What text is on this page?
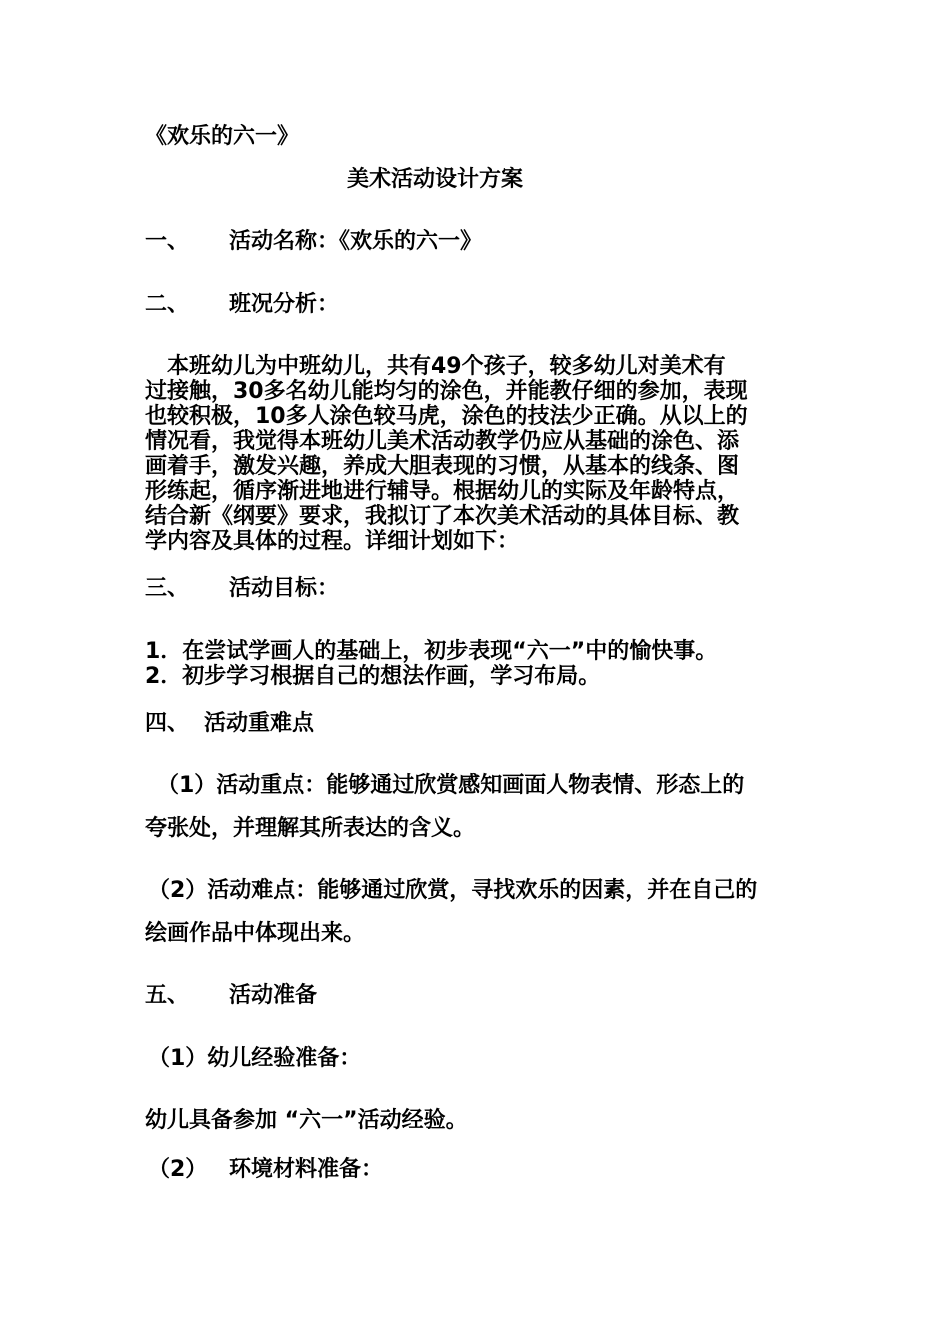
《欢乐的六一》
美术活动设计方案
一、 活动名称：《欢乐的六一》
二、 班况分析：

　本班幼儿为中班幼儿，共有49个孩子，较多幼儿对美术有

过接触，30多名幼儿能均匀的涂色，并能教仔细的参加，表现

也较积极，10多人涂色较马虎，涂色的技法少正确。从以上的

情况看，我觉得本班幼儿美术活动教学仍应从基础的涂色、添

画着手，激发兴趣，养成大胆表现的习惯，从基本的线条、图

形练起，循序渐进地进行辅导。根据幼儿的实际及年龄特点，

结合新《纲要》要求，我拟订了本次美术活动的具体目标、教

学内容及具体的过程。详细计划如下：

三、 活动目标：

1．在尝试学画人的基础上，初步表现“六一”中的愉快事。

2．初步学习根据自己的想法作画，学习布局。

四、 活动重难点
（1）活动重点：能够通过欣赏感知画面人物表情、形态上的
夸张处，并理解其所表达的含义。
（2）活动难点：能够通过欣赏，寻找欢乐的因素，并在自己的
绘画作品中体现出来。
五、 活动准备
（1）幼儿经验准备：
幼儿具备参加 “六一”活动经验。
（2） 环境材料准备：
